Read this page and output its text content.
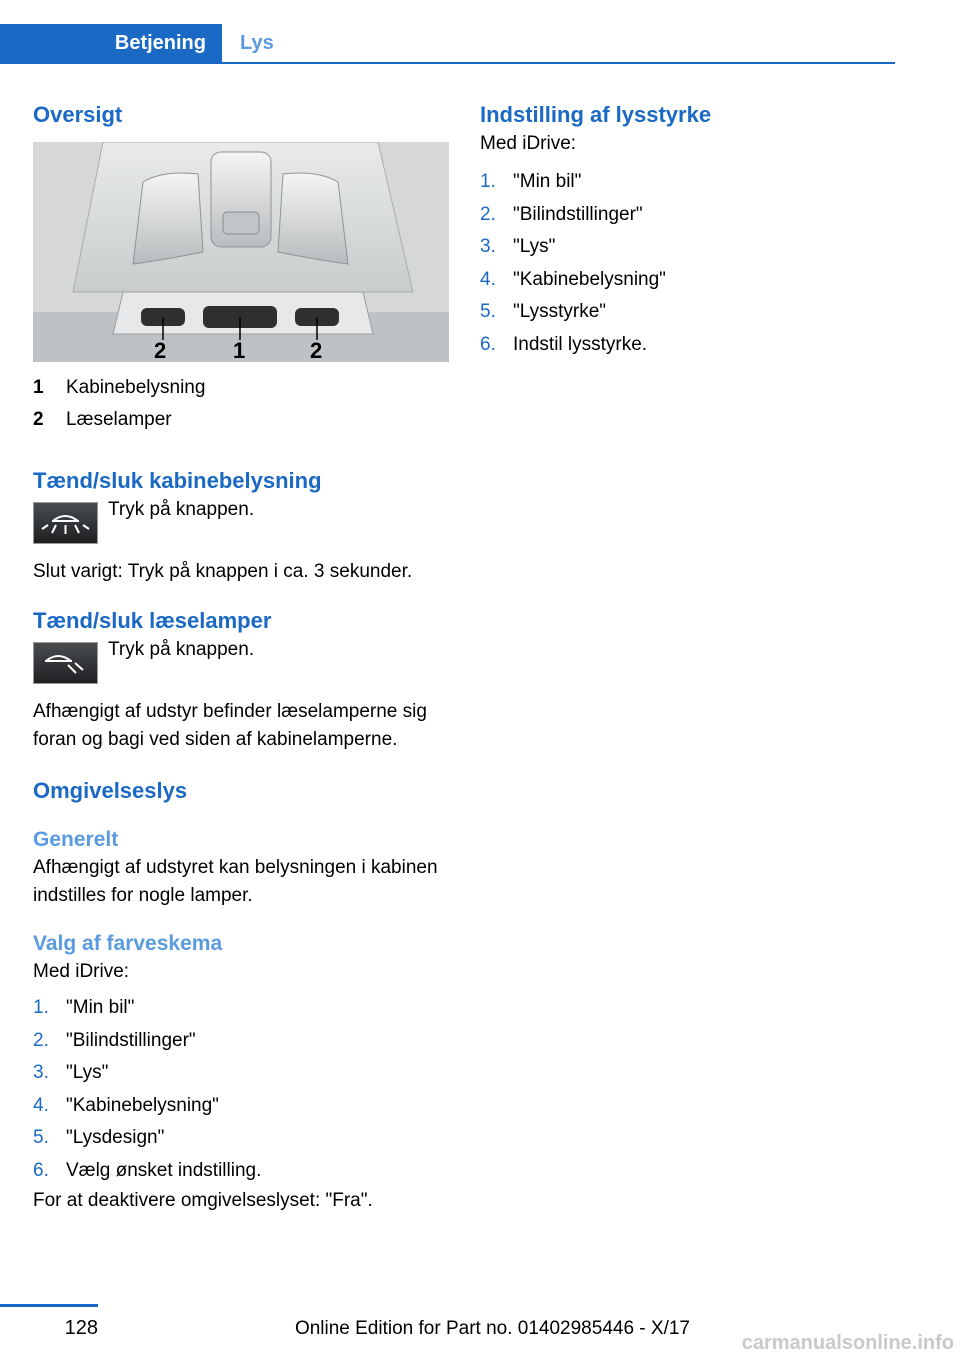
Betjening	Lys
Oversigt
2	1	2
1	Kabinebelysning
2	Læselamper
Tænd/sluk kabinebelysning

Tryk på knappen.

Slut varigt: Tryk på knappen i ca. 3 sekunder.

Tænd/sluk læselamper

Tryk på knappen.

Afhængigt af udstyr befinder læselamperne sig foran og bagi ved siden af kabinelamperne.

Omgivelseslys
Generelt

Afhængigt af udstyret kan belysningen i kabinen indstilles for nogle lamper.

Valg af farveskema

Med iDrive:

1. "Min bil"
2. "Bilindstillinger"
3. "Lys"
4. "Kabinebelysning"
5. "Lysdesign"
6. Vælg ønsket indstilling.

For at deaktivere omgivelseslyset: "Fra".

Indstilling af lysstyrke

Med iDrive:

1. "Min bil"
2. "Bilindstillinger"
3. "Lys"
4. "Kabinebelysning"
5. "Lysstyrke"
6. Indstil lysstyrke.
128	Online Edition for Part no. 01402985446 - X/17
carmanualsonline.info
